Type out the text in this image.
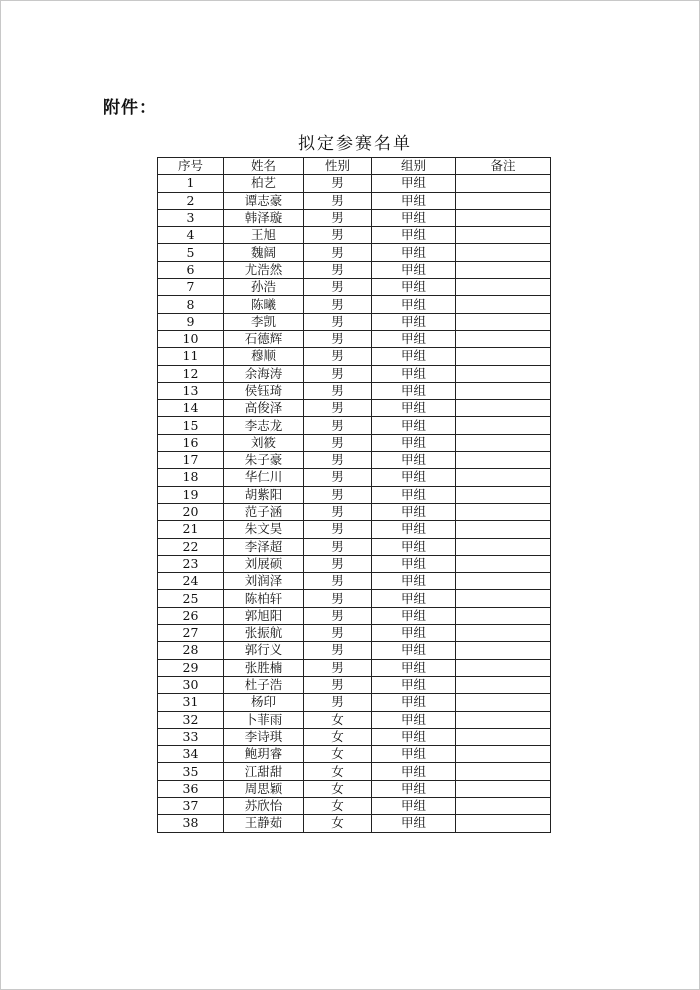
附件：
拟定参赛名单
序号	姓名	性别	组别	备注
1	柏艺	男	甲组	
2	谭志豪	男	甲组	
3	韩泽璇	男	甲组	
4	王旭	男	甲组	
5	魏阔	男	甲组	
6	尤浩然	男	甲组	
7	孙浩	男	甲组	
8	陈曦	男	甲组	
9	李凯	男	甲组	
10	石德辉	男	甲组	
11	穆顺	男	甲组	
12	余海涛	男	甲组	
13	侯钰琦	男	甲组	
14	高俊泽	男	甲组	
15	李志龙	男	甲组	
16	刘筱	男	甲组	
17	朱子豪	男	甲组	
18	华仁川	男	甲组	
19	胡紫阳	男	甲组	
20	范子涵	男	甲组	
21	朱文昊	男	甲组	
22	李泽超	男	甲组	
23	刘展硕	男	甲组	
24	刘润泽	男	甲组	
25	陈柏轩	男	甲组	
26	郭旭阳	男	甲组	
27	张振航	男	甲组	
28	郭行义	男	甲组	
29	张胜楠	男	甲组	
30	杜子浩	男	甲组	
31	杨印	男	甲组	
32	卜菲雨	女	甲组	
33	李诗琪	女	甲组	
34	鲍玥睿	女	甲组	
35	江甜甜	女	甲组	
36	周思颖	女	甲组	
37	苏欣怡	女	甲组	
38	王静茹	女	甲组	
